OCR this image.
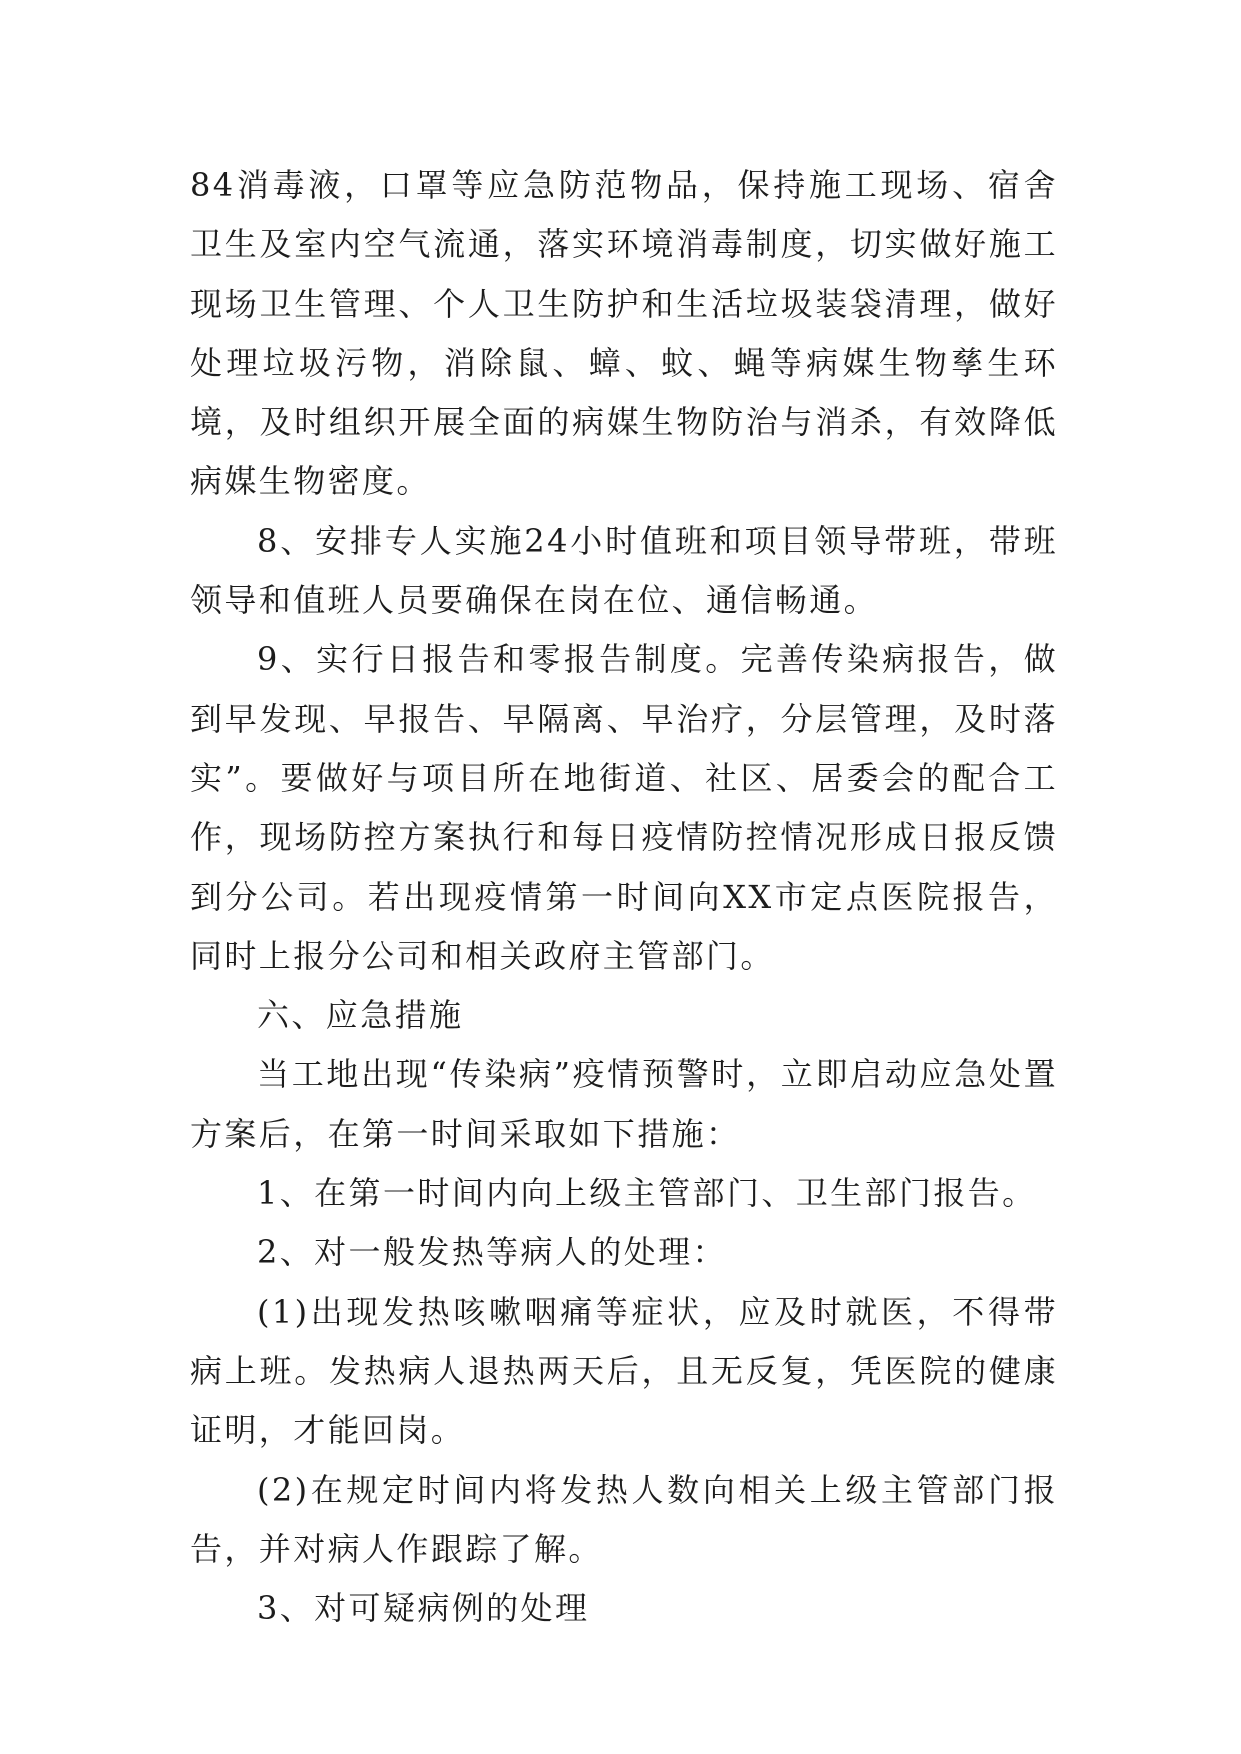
84消毒液，口罩等应急防范物品，保持施工现场、宿舍卫生及室内空气流通，落实环境消毒制度，切实做好施工现场卫生管理、个人卫生防护和生活垃圾装袋清理，做好处理垃圾污物，消除鼠、蟑、蚊、蝇等病媒生物孳生环境，及时组织开展全面的病媒生物防治与消杀，有效降低病媒生物密度。

8、安排专人实施24小时值班和项目领导带班，带班领导和值班人员要确保在岗在位、通信畅通。

9、实行日报告和零报告制度。完善传染病报告，做到早发现、早报告、早隔离、早治疗，分层管理，及时落实”。要做好与项目所在地街道、社区、居委会的配合工作，现场防控方案执行和每日疫情防控情况形成日报反馈到分公司。若出现疫情第一时间向XX市定点医院报告，同时上报分公司和相关政府主管部门。

六、应急措施

当工地出现“传染病”疫情预警时，立即启动应急处置方案后，在第一时间采取如下措施：

1、在第一时间内向上级主管部门、卫生部门报告。

2、对一般发热等病人的处理：

(1)出现发热咳嗽咽痛等症状，应及时就医，不得带病上班。发热病人退热两天后，且无反复，凭医院的健康证明，才能回岗。

(2)在规定时间内将发热人数向相关上级主管部门报告，并对病人作跟踪了解。

3、对可疑病例的处理
